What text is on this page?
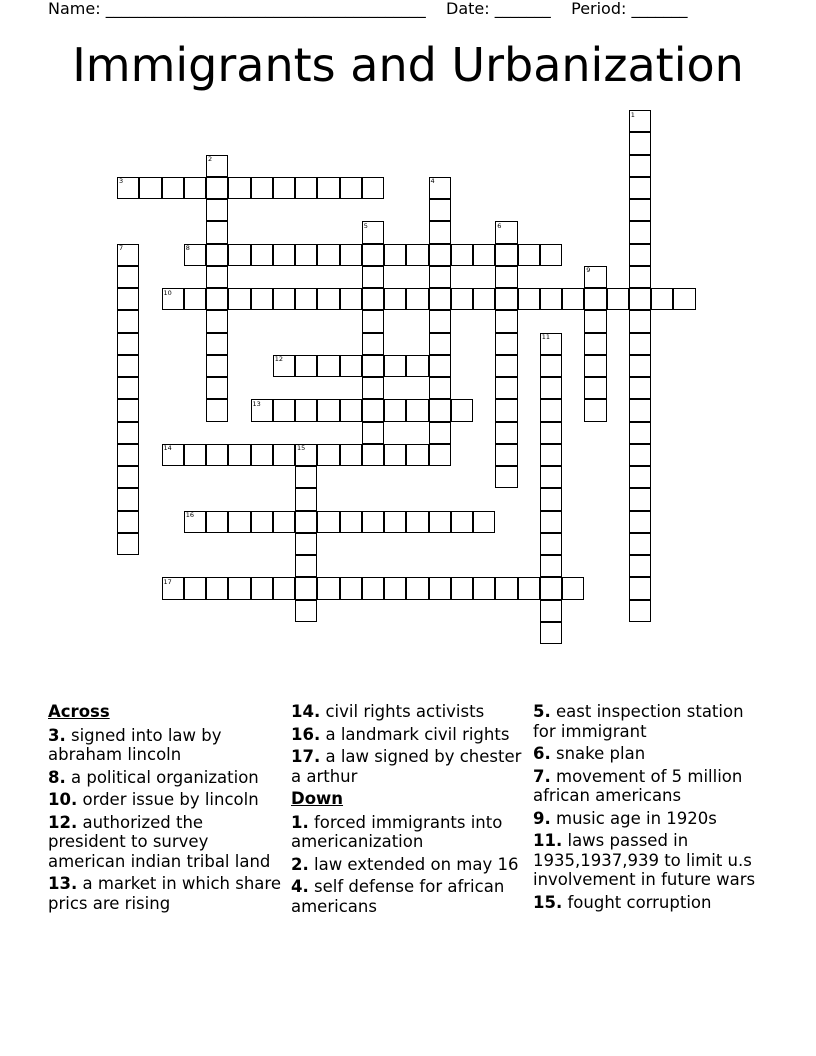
Name: ________________________________________ Date: _______ Period: _______
Immigrants and Urbanization
1
2
3	4
5	6
7	8
9
10
11
12
13
14	15
16
17
Across
3. signed into law by abraham lincoln
8. a political organization
10. order issue by lincoln
12. authorized the president to survey american indian tribal land
13. a market in which share prics are rising
14. civil rights activists
16. a landmark civil rights
17. a law signed by chester a arthur
Down
1. forced immigrants into americanization
2. law extended on may 16
4. self defense for african americans
5. east inspection station for immigrant
6. snake plan
7. movement of 5 million african americans
9. music age in 1920s
11. laws passed in 1935,1937,939 to limit u.s involvement in future wars
15. fought corruption
